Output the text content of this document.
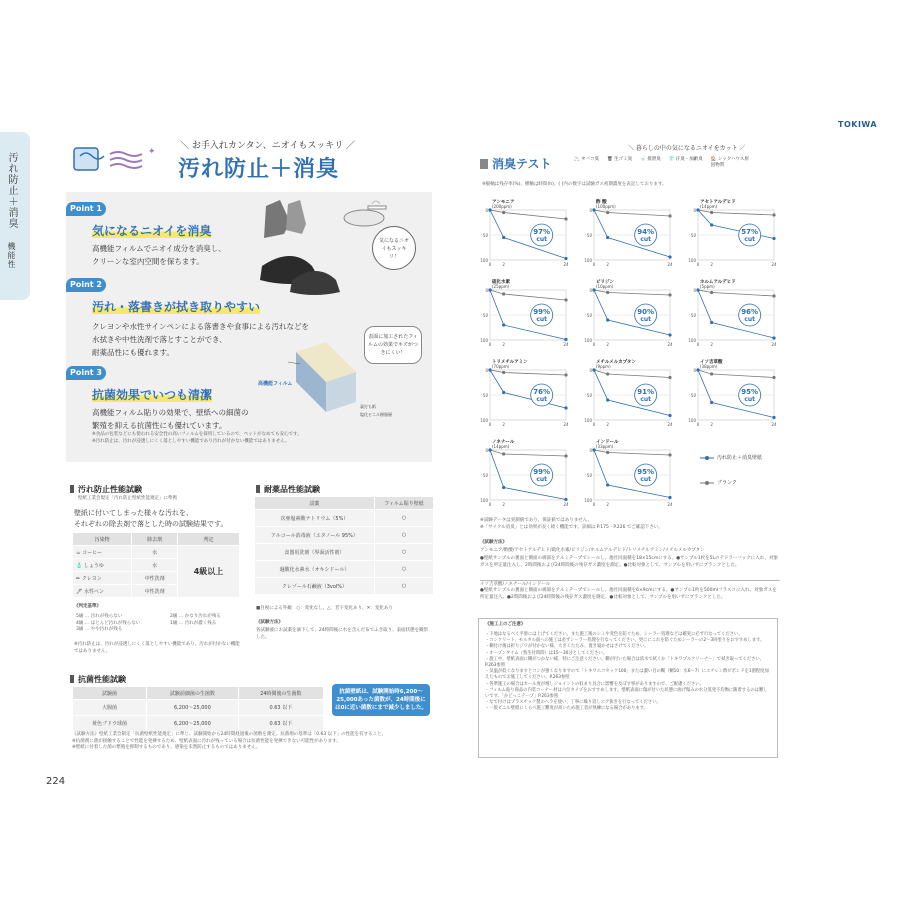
汚れ防止＋消臭
機能性
TOKIWA
✦
＼ お手入れカンタン、ニオイもスッキリ ／
汚れ防止＋消臭
Point 1
気になるニオイを消臭
高機能フィルムでニオイ成分を消臭し、
クリーンな室内空間を保ちます。
Point 2
汚れ・落書きが拭き取りやすい
クレヨンや水性サインペンによる落書きや食事による汚れなどを
水拭きや中性洗剤で落とすことができ、
耐薬品性にも優れます。
Point 3
抗菌効果でいつも清潔
高機能フィルム貼りの効果で、壁紙への細菌の
繁殖を抑える抗菌性にも優れています。
※食品の包装などにも使われる安全性の高いフィルムを採用しているので、ペットがなめても安心です。
※汚れ防止は、汚れが浸透しにくく落としやすい機能であり汚れが付かない機能ではありません。
気になるニオイもスッキリ！
表面に加工されたフィルムの効果でキズがつきにくい！
高機能フィルム
裏打ち紙
塩化ビニル樹脂層
汚れ防止性能試験
壁紙工業会規定「汚れ防止壁紙性能規定」に準拠
壁紙に付いてしまった様々な汚れを、
それぞれの除去剤で落とした時の試験結果です。
汚染物	除去剤	判定
☕ コーヒー	水	4級以上
🧴 しょうゆ	水	
✏ クレヨン	中性洗剤	
🖊 水性ペン	中性洗剤	
《判定基準》
5級 … 汚れが残らない
4級 … ほとんど汚れが残らない
3級 … やや汚れが残る
2級 … かなり汚れが残る
1級 … 汚れが濃く残る
※汚れ防止は、汚れが浸透しにくく落としやすい機能であり、汚れが付かない機能ではありません。
耐薬品性能試験
試薬	フィルム貼り壁紙
次亜塩素酸ナトリウム（5%）	○
アルコール消毒液（エタノール 95%）	○
食器用洗剤（界面活性剤）	○
過酸化水素水（オキシドール）	○
クレゾール石鹸液（3vol%）	○
■目視による外観　○：変化なし、△：若干変化あり、✕：変化あり
《試験方法》
各試験液にお試薬を滴下して、24時間後に水を含んだ布でふき取り、表面状態を観察した。
抗菌性能試験
試験菌	試験前細菌の生菌数	24時間後の生菌数
大腸菌	6,200〜25,000	0.63 以下
黄色ブドウ球菌	6,200〜25,000	0.63 以下
抗菌壁紙は、試験開始時6,200〜25,000あった菌数が、24時間後には0に近い菌数にまで減少しました。
《試験方法》壁紙工業会制定「抗菌壁紙性能規定」に準じ、試験開始から24時間経過後の菌数を測定。抗菌剤の基準は「0.63 以下」の性能を有すること。
※抗菌剤に菌が接触することで性能を発揮するため、壁紙表面に汚れが残っている場合は抗菌性能を発揮できない可能性があります。
※壁紙に付着した菌の繁殖を抑制するものであり、感染を未然防止するものではありません。
＼ 暮らしの中の気になるニオイをカット ／
消臭テスト	🚬 タバコ臭 🗑 生ゴミ臭 🚽 排泄臭 👕 汗臭・加齢臭 🏠 シックハウス原因物質
※縦軸は残存率(%)、横軸は時間(h)、( )内の数字は試験ガス初期濃度を表記しております。
0
50
100
0	2	24
アンモニア
(200ppm)
97%
cut
0
50
100
0	2	24
酢 酸
(100ppm)
94%
cut
0
50
100
0	2	24
アセトアルデヒド
(14ppm)
57%
cut
0
50
100
0	2	24
硫化水素
(25ppm)
99%
cut
0
50
100
0	2	24
ピリジン
(10ppm)
90%
cut
0
50
100
0	2	24
ホルムアルデヒド
(5ppm)
96%
cut
0
50
100
0	2	24
トリメチルアミン
(70ppm)
76%
cut
0
50
100
0	2	24
メチルメルカプタン
(9ppm)
91%
cut
0
50
100
0	2	24
イソ吉草酸
(38ppm)
95%
cut
0
50
100
0	2	24
ノネナール
(14ppm)
99%
cut
0
50
100
0	2	24
インドール
(33ppm)
95%
cut
汚れ防止＋消臭壁紙
ブランク
※試験データは実測値であり、保証値ではありません。
※「サイクル消臭」とは効果が長く続く機能です。詳細は P.175・P.226 でご確認下さい。
《試験方法》
アンモニア/酢酸/アセトアルデヒド/硫化水素/ピリジン/ホルムアルデヒド/トリメチルアミン/メチルメルカプタン
●壁紙サンプルの裏面と側面の端部をアルミテープでシールし、他社同面積を18×15cmにする。●サンプル1枚を5Lのテドラーバックに入れ、対象ガスを所定量注入し、2時間後および24時間後の残存ガス濃度を測定。●比較対象として、サンプルを用いずにブランクとした。
イソ吉草酸/ノネナール/インドール
●壁紙サンプルの裏面と側面の端部をアルミテープでシールし、他社同面積を6×9cmにする。●サンプル1枚を500mlフラスコに入れ、対象ガスを所定量注入。●2時間後および24時間後の残存ガス濃度を測定。●比較対象として、サンプルを用いずにブランクとした。
《施工上のご注意》
・下地はなるべく平滑には上げてください。また施工後のシミや変色を防ぐため、シーラー処理などは確実に必ず行なってください。
・コンクリート、モルタル面への施工は必ずシーラー処理を行なってください。更ににこれを防ぐためシーラーの2〜3回塗りをおすすめします。
・糊付け後は折りジワが付かない様、大きくたたみ、置き寝かせはさけてください。
・オープンタイム（熟生付時間）は15〜30分としてください。
・施工中、壁紙表面に糊がつかない様、特にご注意ください。糊が付いた場合は清水で拭くか「トキワプルクリーナー」で拭き取ってください。P.263参照
・気温が低くなりますとコンが強くなりますので「トキワエコタック100」または濃い目の糊（糊10：水6〜7）にエチレン酢ビポンドを1割程度加えたものでお施工してください。P.263参照
・各準施工の場合はカール度が増しジョイントの収まり具合に影響を及ぼす事がありますので、ご配慮ください。
・フィルム貼り商品の内装コーナー材は六位タイプをおすすめします。壁紙表面に傷が付いた状態に曲げ傷みの水分蒸発不均衡に随着するのは難しいです。「かどっこテープ」P.263参照
・なで付けはプラスチック製のヘラを使い、丁寧に繰り返しエア抜きを行なってください。
・一般ビニル壁紙にくらべ施工難度が高いため施工者が熟練になる場合があります。
224
